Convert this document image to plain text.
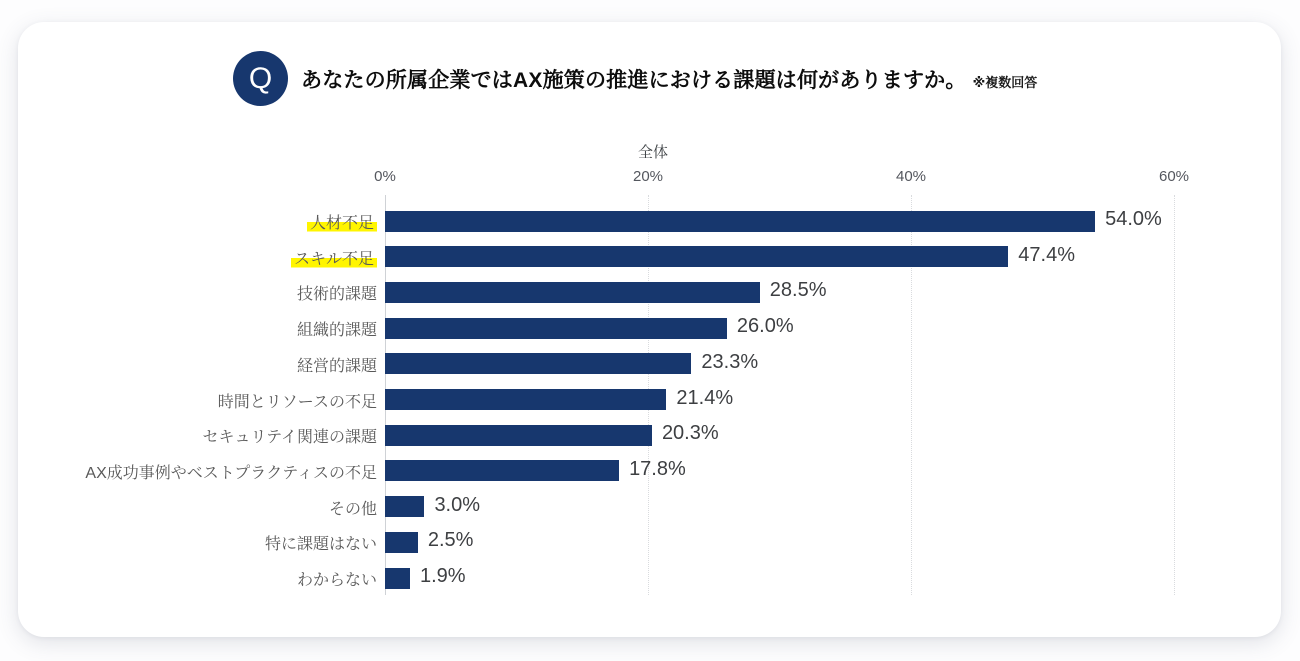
Q	あなたの所属企業ではAX施策の推進における課題は何がありますか。 ※複数回答
全体
0%	20%	40%	60%
人材不足	54.0%
スキル不足	47.4%
技術的課題	28.5%
組織的課題	26.0%
経営的課題	23.3%
時間とリソースの不足	21.4%
セキュリテイ関連の課題	20.3%
AX成功事例やベストプラクティスの不足	17.8%
その他	3.0%
特に課題はない	2.5%
わからない 1.9%
